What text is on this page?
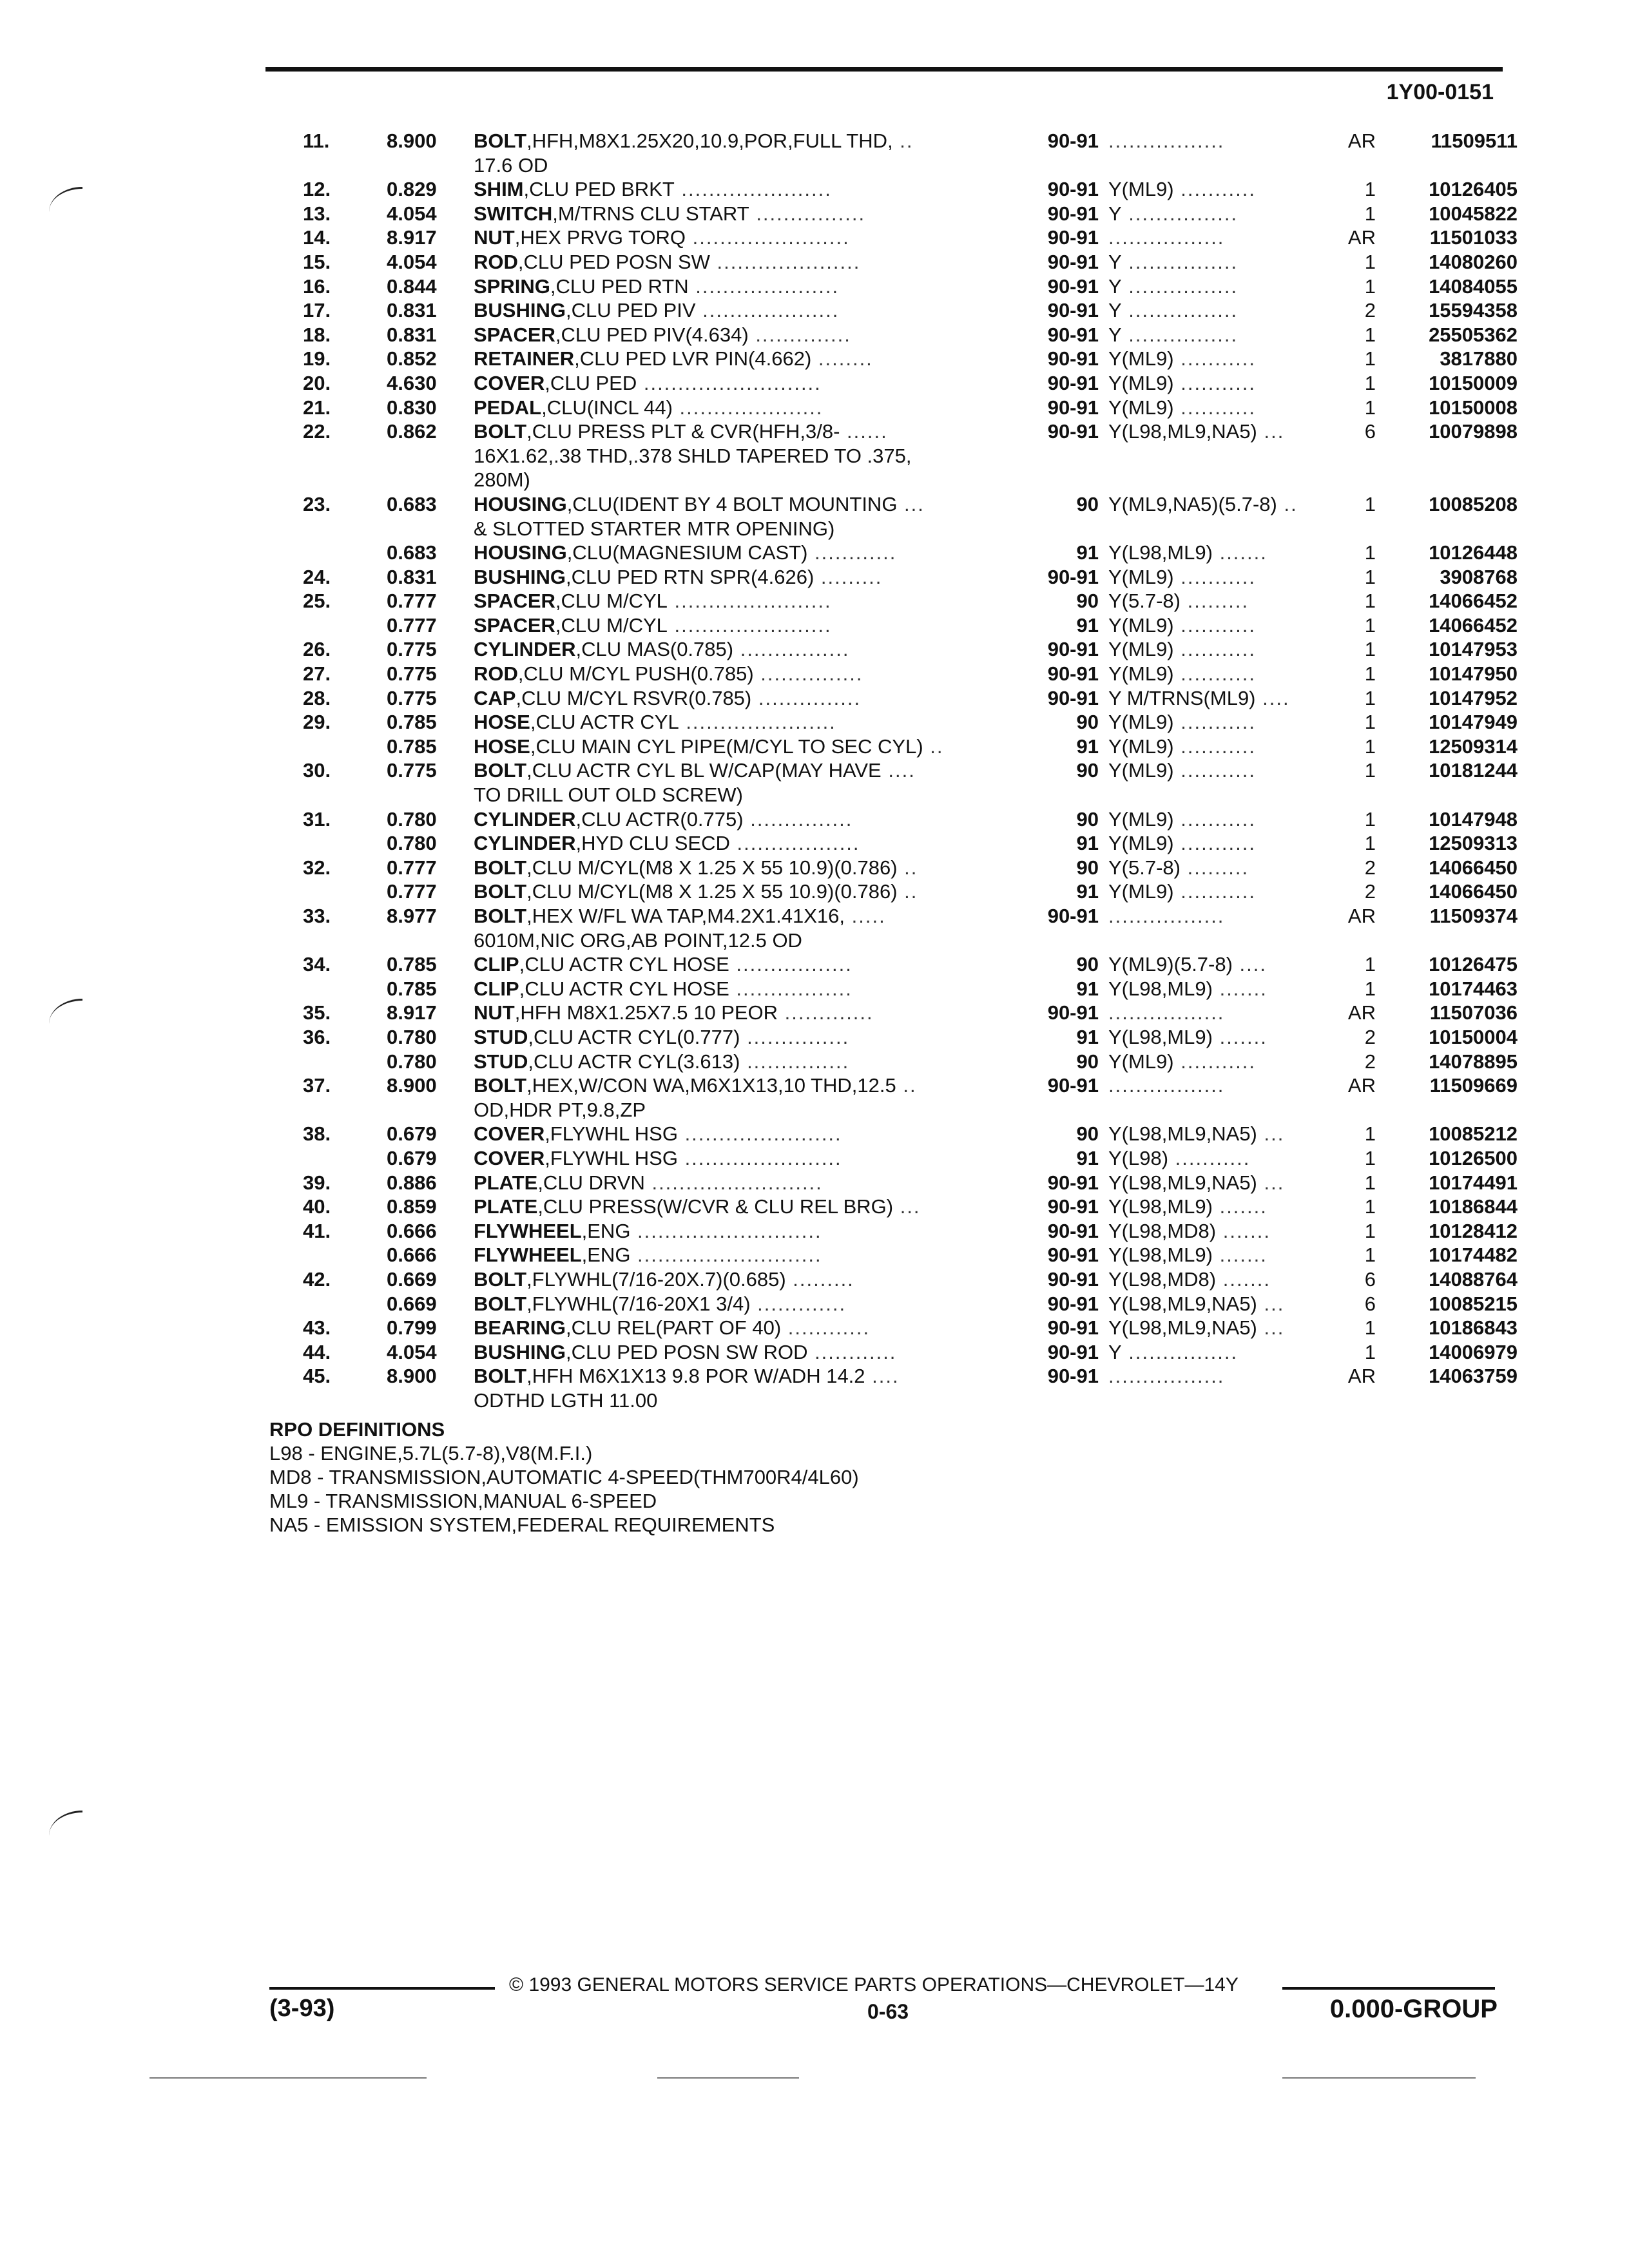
1Y00-0151
11.	8.900	BOLT,HFH,M8X1.25X20,10.9,POR,FULL THD, ..	90-91	.................	AR	11509511
		17.6 OD				
12.	0.829	SHIM,CLU PED BRKT ......................	90-91	Y(ML9) ...........	1	10126405
13.	4.054	SWITCH,M/TRNS CLU START ................	90-91	Y ................	1	10045822
14.	8.917	NUT,HEX PRVG TORQ .......................	90-91	.................	AR	11501033
15.	4.054	ROD,CLU PED POSN SW .....................	90-91	Y ................	1	14080260
16.	0.844	SPRING,CLU PED RTN .....................	90-91	Y ................	1	14084055
17.	0.831	BUSHING,CLU PED PIV ....................	90-91	Y ................	2	15594358
18.	0.831	SPACER,CLU PED PIV(4.634) ..............	90-91	Y ................	1	25505362
19.	0.852	RETAINER,CLU PED LVR PIN(4.662) ........	90-91	Y(ML9) ...........	1	3817880
20.	4.630	COVER,CLU PED ..........................	90-91	Y(ML9) ...........	1	10150009
21.	0.830	PEDAL,CLU(INCL 44) .....................	90-91	Y(ML9) ...........	1	10150008
22.	0.862	BOLT,CLU PRESS PLT & CVR(HFH,3/8- ......	90-91	Y(L98,ML9,NA5) ...	6	10079898
		16X1.62,.38 THD,.378 SHLD TAPERED TO .375,				
		280M)				
23.	0.683	HOUSING,CLU(IDENT BY 4 BOLT MOUNTING ...	90	Y(ML9,NA5)(5.7-8) ..	1	10085208
		& SLOTTED STARTER MTR OPENING)				
	0.683	HOUSING,CLU(MAGNESIUM CAST) ............	91	Y(L98,ML9) .......	1	10126448
24.	0.831	BUSHING,CLU PED RTN SPR(4.626) .........	90-91	Y(ML9) ...........	1	3908768
25.	0.777	SPACER,CLU M/CYL .......................	90	Y(5.7-8) .........	1	14066452
	0.777	SPACER,CLU M/CYL .......................	91	Y(ML9) ...........	1	14066452
26.	0.775	CYLINDER,CLU MAS(0.785) ................	90-91	Y(ML9) ...........	1	10147953
27.	0.775	ROD,CLU M/CYL PUSH(0.785) ...............	90-91	Y(ML9) ...........	1	10147950
28.	0.775	CAP,CLU M/CYL RSVR(0.785) ...............	90-91	Y M/TRNS(ML9) ....	1	10147952
29.	0.785	HOSE,CLU ACTR CYL ......................	90	Y(ML9) ...........	1	10147949
	0.785	HOSE,CLU MAIN CYL PIPE(M/CYL TO SEC CYL) ..	91	Y(ML9) ...........	1	12509314
30.	0.775	BOLT,CLU ACTR CYL BL W/CAP(MAY HAVE ....	90	Y(ML9) ...........	1	10181244
		TO DRILL OUT OLD SCREW)				
31.	0.780	CYLINDER,CLU ACTR(0.775) ...............	90	Y(ML9) ...........	1	10147948
	0.780	CYLINDER,HYD CLU SECD ..................	91	Y(ML9) ...........	1	12509313
32.	0.777	BOLT,CLU M/CYL(M8 X 1.25 X 55 10.9)(0.786) ..	90	Y(5.7-8) .........	2	14066450
	0.777	BOLT,CLU M/CYL(M8 X 1.25 X 55 10.9)(0.786) ..	91	Y(ML9) ...........	2	14066450
33.	8.977	BOLT,HEX W/FL WA TAP,M4.2X1.41X16, .....	90-91	.................	AR	11509374
		6010M,NIC ORG,AB POINT,12.5 OD				
34.	0.785	CLIP,CLU ACTR CYL HOSE .................	90	Y(ML9)(5.7-8) ....	1	10126475
	0.785	CLIP,CLU ACTR CYL HOSE .................	91	Y(L98,ML9) .......	1	10174463
35.	8.917	NUT,HFH M8X1.25X7.5 10 PEOR .............	90-91	.................	AR	11507036
36.	0.780	STUD,CLU ACTR CYL(0.777) ...............	91	Y(L98,ML9) .......	2	10150004
	0.780	STUD,CLU ACTR CYL(3.613) ...............	90	Y(ML9) ...........	2	14078895
37.	8.900	BOLT,HEX,W/CON WA,M6X1X13,10 THD,12.5 ..	90-91	.................	AR	11509669
		OD,HDR PT,9.8,ZP				
38.	0.679	COVER,FLYWHL HSG .......................	90	Y(L98,ML9,NA5) ...	1	10085212
	0.679	COVER,FLYWHL HSG .......................	91	Y(L98) ...........	1	10126500
39.	0.886	PLATE,CLU DRVN .........................	90-91	Y(L98,ML9,NA5) ...	1	10174491
40.	0.859	PLATE,CLU PRESS(W/CVR & CLU REL BRG) ...	90-91	Y(L98,ML9) .......	1	10186844
41.	0.666	FLYWHEEL,ENG ...........................	90-91	Y(L98,MD8) .......	1	10128412
	0.666	FLYWHEEL,ENG ...........................	90-91	Y(L98,ML9) .......	1	10174482
42.	0.669	BOLT,FLYWHL(7/16-20X.7)(0.685) .........	90-91	Y(L98,MD8) .......	6	14088764
	0.669	BOLT,FLYWHL(7/16-20X1 3/4) .............	90-91	Y(L98,ML9,NA5) ...	6	10085215
43.	0.799	BEARING,CLU REL(PART OF 40) ............	90-91	Y(L98,ML9,NA5) ...	1	10186843
44.	4.054	BUSHING,CLU PED POSN SW ROD ............	90-91	Y ................	1	14006979
45.	8.900	BOLT,HFH M6X1X13 9.8 POR W/ADH 14.2 ....	90-91	.................	AR	14063759
		ODTHD LGTH 11.00				
RPO DEFINITIONS
L98 - ENGINE,5.7L(5.7-8),V8(M.F.I.)
MD8 - TRANSMISSION,AUTOMATIC 4-SPEED(THM700R4/4L60)
ML9 - TRANSMISSION,MANUAL 6-SPEED
NA5 - EMISSION SYSTEM,FEDERAL REQUIREMENTS
© 1993 GENERAL MOTORS SERVICE PARTS OPERATIONS—CHEVROLET—14Y
(3-93)	0-63	0.000-GROUP
